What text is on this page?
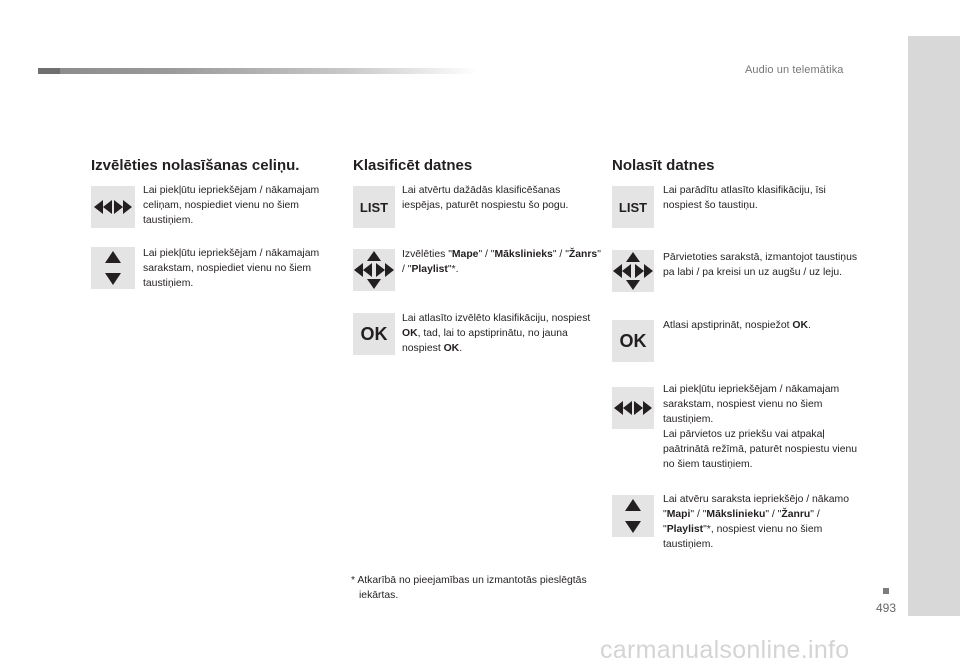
Audio un telemātika
493
Izvēlēties nolasīšanas celiņu.
Lai piekļūtu iepriekšējam / nākamajam celiņam, nospiediet vienu no šiem taustiņiem.
Lai piekļūtu iepriekšējam / nākamajam sarakstam, nospiediet vienu no šiem taustiņiem.
Klasificēt datnes
LIST
Lai atvērtu dažādās klasificēšanas iespējas, paturēt nospiestu šo pogu.
Izvēlēties "Mape" / "Mākslinieks" / "Žanrs" / "Playlist"*.
OK
Lai atlasīto izvēlēto klasifikāciju, nospiest OK, tad, lai to apstiprinātu, no jauna nospiest OK.
* Atkarībā no pieejamības un izmantotās pieslēgtās iekārtas.
Nolasīt datnes
LIST
Lai parādītu atlasīto klasifikāciju, īsi nospiest šo taustiņu.
Pārvietoties sarakstā, izmantojot taustiņus pa labi / pa kreisi un uz augšu / uz leju.
OK
Atlasi apstiprināt, nospiežot OK.
Lai piekļūtu iepriekšējam / nākamajam sarakstam, nospiest vienu no šiem taustiņiem.
Lai pārvietos uz priekšu vai atpakaļ paātrinātā režīmā, paturēt nospiestu vienu no šiem taustiņiem.
Lai atvēru saraksta iepriekšējo / nākamo "Mapi" / "Mākslinieku" / "Žanru" / "Playlist"*, nospiest vienu no šiem taustiņiem.
carmanualsonline.info
